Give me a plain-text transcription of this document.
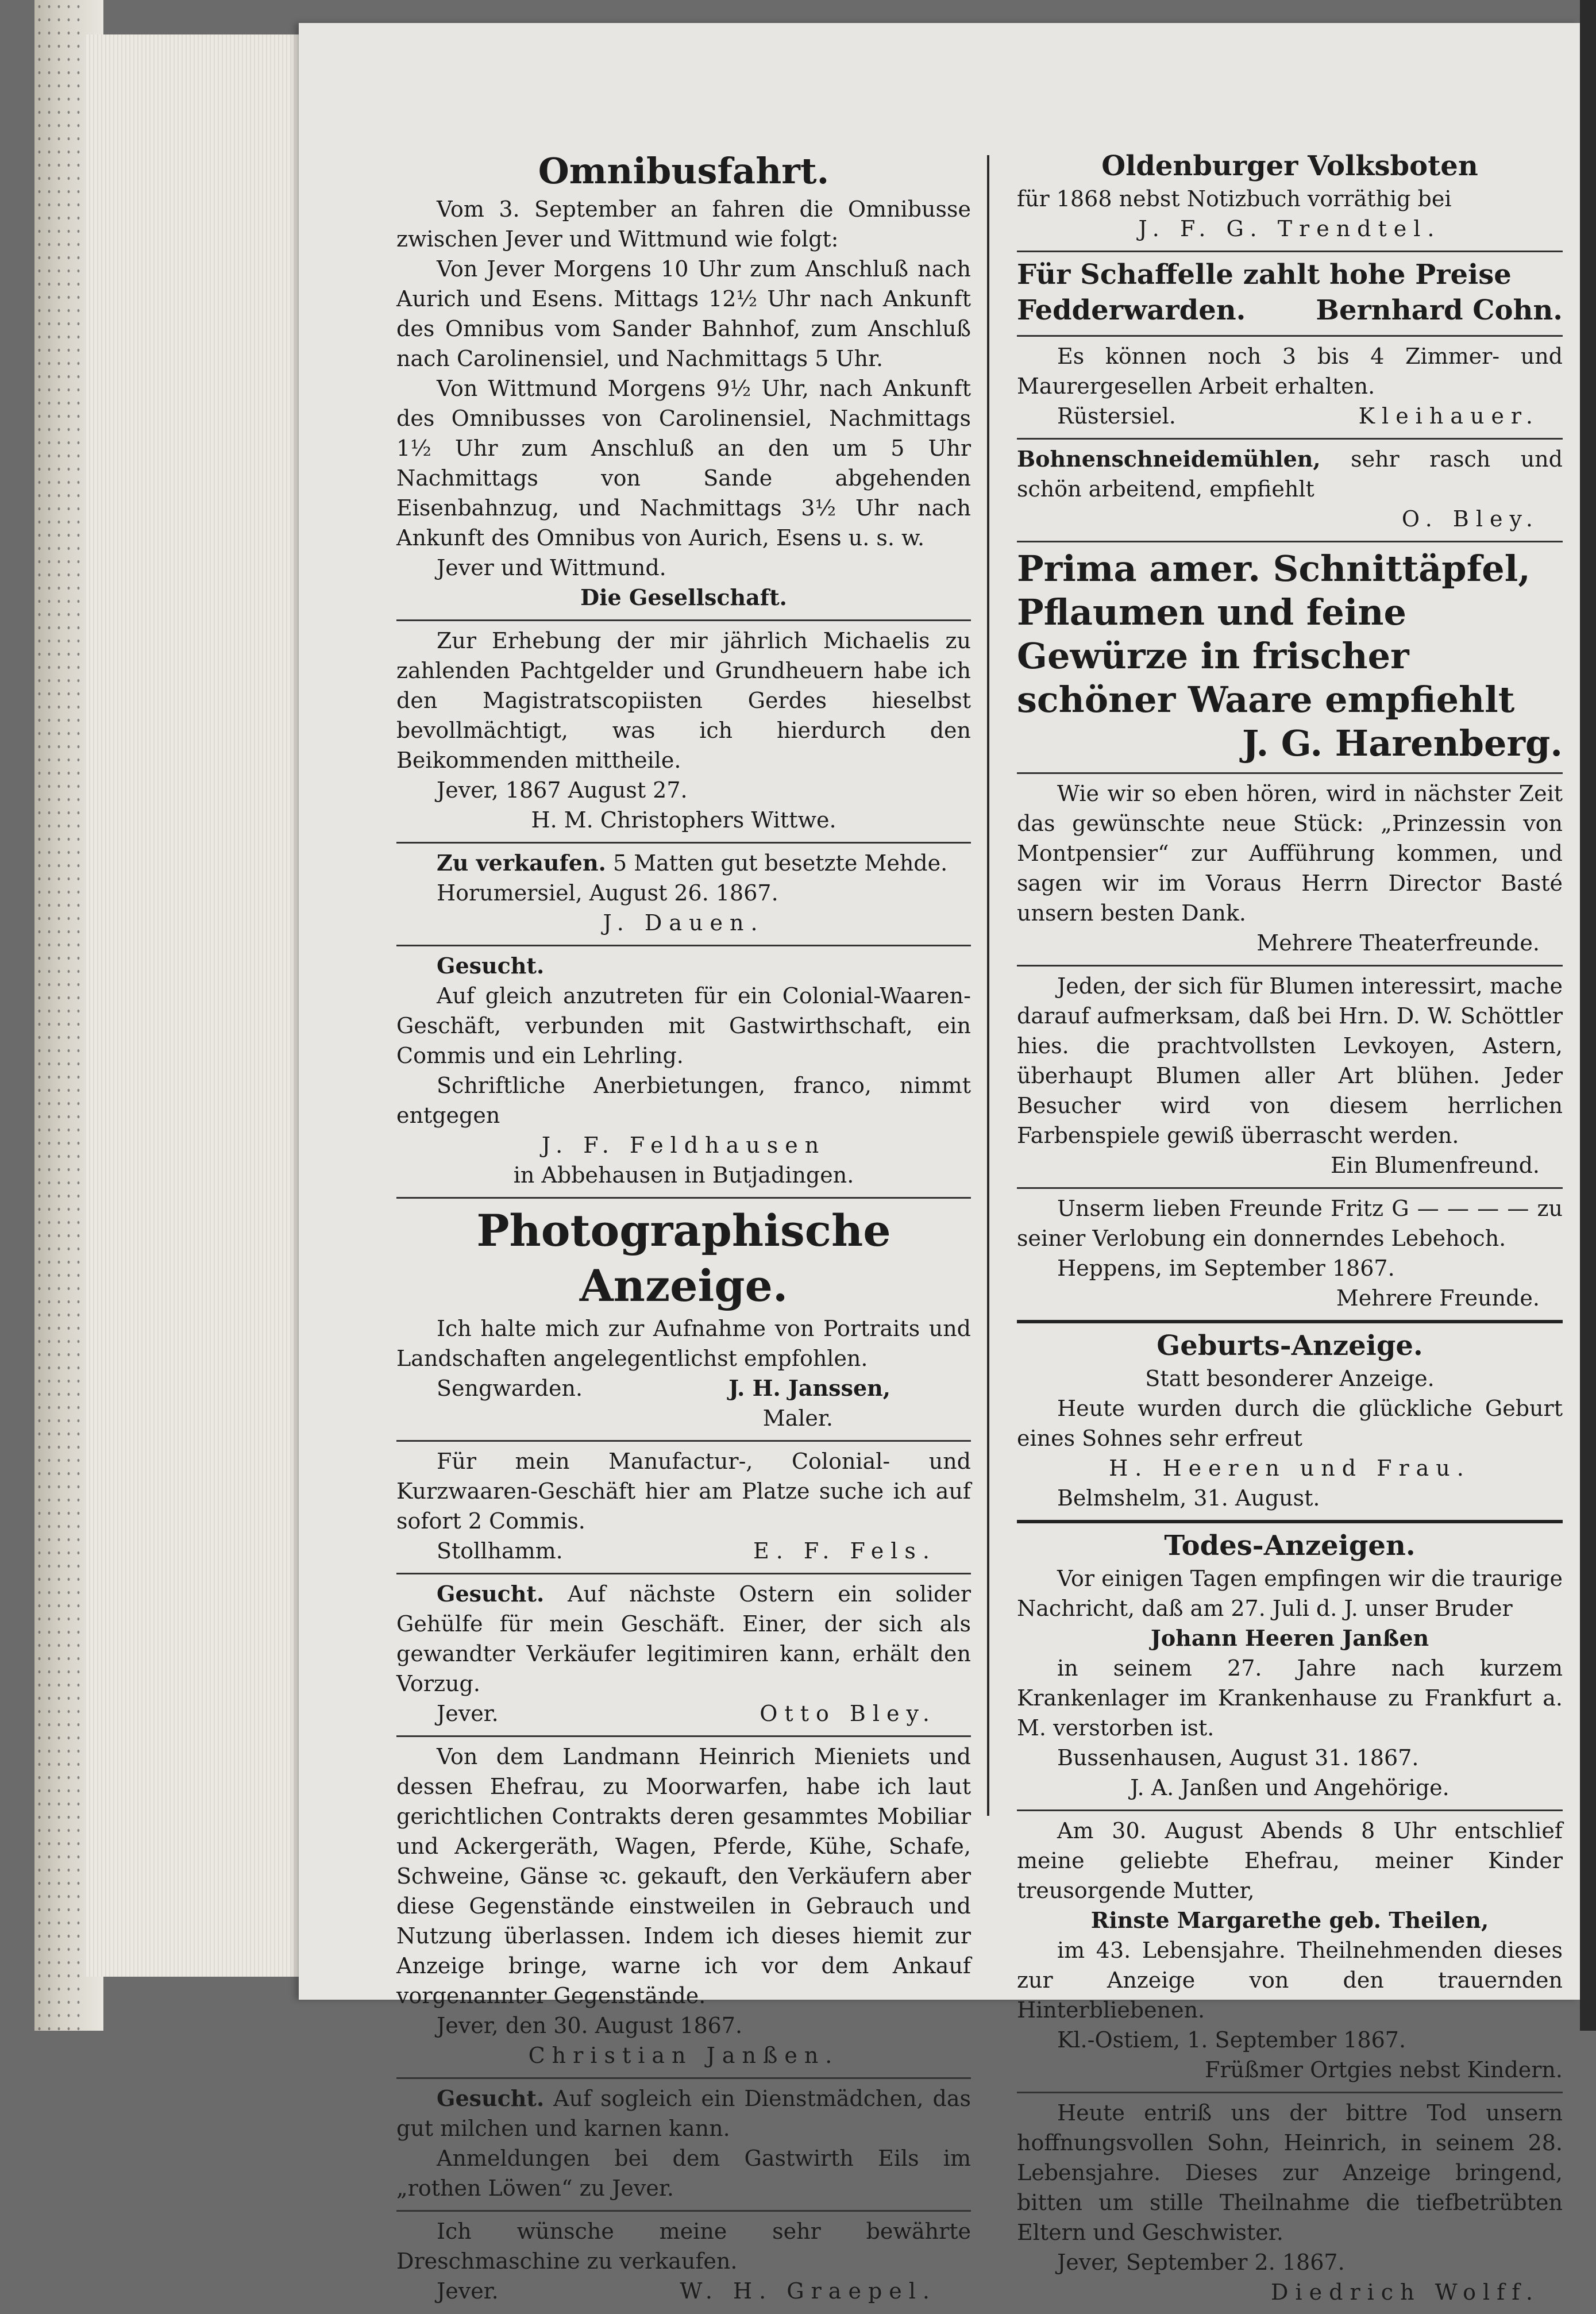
Omnibusfahrt.

Vom 3. September an fahren die Omnibusse zwischen Jever und Wittmund wie folgt:

Von Jever Morgens 10 Uhr zum Anschluß nach Aurich und Esens. Mittags 12½ Uhr nach Ankunft des Omnibus vom Sander Bahnhof, zum Anschluß nach Carolinensiel, und Nachmittags 5 Uhr.

Von Wittmund Morgens 9½ Uhr, nach Ankunft des Omnibusses von Carolinensiel, Nachmittags 1½ Uhr zum Anschluß an den um 5 Uhr Nachmittags von Sande abgehenden Eisenbahnzug, und Nachmittags 3½ Uhr nach Ankunft des Omnibus von Aurich, Esens u. s. w.

Jever und Wittmund.

Die Gesellschaft.

Zur Erhebung der mir jährlich Michaelis zu zahlenden Pachtgelder und Grundheuern habe ich den Magistratscopiisten Gerdes hieselbst bevollmächtigt, was ich hierdurch den Beikommenden mittheile.

Jever, 1867 August 27.

H. M. Christophers Wittwe.

Zu verkaufen. 5 Matten gut besetzte Mehde.

Horumersiel, August 26. 1867.

J. Dauen.

Gesucht.

Auf gleich anzutreten für ein Colonial-Waaren-Geschäft, verbunden mit Gastwirthschaft, ein Commis und ein Lehrling.

Schriftliche Anerbietungen, franco, nimmt entgegen

J. F. Feldhausen

in Abbehausen in Butjadingen.

Photographische Anzeige.

Ich halte mich zur Aufnahme von Portraits und Landschaften angelegentlichst empfohlen.

Sengwarden.	J. H. Janssen,

Maler.

Für mein Manufactur-, Colonial- und Kurzwaaren-Geschäft hier am Platze suche ich auf sofort 2 Commis.

Stollhamm.	E. F. Fels.

Gesucht. Auf nächste Ostern ein solider Gehülfe für mein Geschäft. Einer, der sich als gewandter Verkäufer legitimiren kann, erhält den Vorzug.

Jever.	Otto Bley.

Von dem Landmann Heinrich Mieniets und dessen Ehefrau, zu Moorwarfen, habe ich laut gerichtlichen Contrakts deren gesammtes Mobiliar und Ackergeräth, Wagen, Pferde, Kühe, Schafe, Schweine, Gänse ꝛc. gekauft, den Verkäufern aber diese Gegenstände einstweilen in Gebrauch und Nutzung überlassen. Indem ich dieses hiemit zur Anzeige bringe, warne ich vor dem Ankauf vorgenannter Gegenstände.

Jever, den 30. August 1867.

Christian Janßen.

Gesucht. Auf sogleich ein Dienstmädchen, das gut milchen und karnen kann.

Anmeldungen bei dem Gastwirth Eils im „rothen Löwen“ zu Jever.

Ich wünsche meine sehr bewährte Dreschmaschine zu verkaufen.

Jever.	W. H. Graepel.

Oldenburger Volksboten

für 1868 nebst Notizbuch vorräthig bei

J. F. G. Trendtel.

Für Schaffelle zahlt hohe Preise

Fedderwarden.	Bernhard Cohn.

Es können noch 3 bis 4 Zimmer- und Maurergesellen Arbeit erhalten.

Rüstersiel.	Kleihauer.

Bohnenschneidemühlen, sehr rasch und schön arbeitend, empfiehlt

O. Bley.

Prima amer. Schnittäpfel, Pflaumen und feine Gewürze in frischer schöner Waare empfiehlt

J. G. Harenberg.

Wie wir so eben hören, wird in nächster Zeit das gewünschte neue Stück: „Prinzessin von Montpensier“ zur Aufführung kommen, und sagen wir im Voraus Herrn Director Basté unsern besten Dank.

Mehrere Theaterfreunde.

Jeden, der sich für Blumen interessirt, mache darauf aufmerksam, daß bei Hrn. D. W. Schöttler hies. die prachtvollsten Levkoyen, Astern, überhaupt Blumen aller Art blühen. Jeder Besucher wird von diesem herrlichen Farbenspiele gewiß überrascht werden.

Ein Blumenfreund.

Unserm lieben Freunde Fritz G — — — — zu seiner Verlobung ein donnerndes Lebehoch.

Heppens, im September 1867.

Mehrere Freunde.

Geburts-Anzeige.

Statt besonderer Anzeige.

Heute wurden durch die glückliche Geburt eines Sohnes sehr erfreut

H. Heeren und Frau.

Belmshelm, 31. August.

Todes-Anzeigen.

Vor einigen Tagen empfingen wir die traurige Nachricht, daß am 27. Juli d. J. unser Bruder

Johann Heeren Janßen

in seinem 27. Jahre nach kurzem Krankenlager im Krankenhause zu Frankfurt a. M. verstorben ist.

Bussenhausen, August 31. 1867.

J. A. Janßen und Angehörige.

Am 30. August Abends 8 Uhr entschlief meine geliebte Ehefrau, meiner Kinder treusorgende Mutter,

Rinste Margarethe geb. Theilen,

im 43. Lebensjahre. Theilnehmenden dieses zur Anzeige von den trauernden Hinterbliebenen.

Kl.-Ostiem, 1. September 1867.

Früßmer Ortgies nebst Kindern.

Heute entriß uns der bittre Tod unsern hoffnungsvollen Sohn, Heinrich, in seinem 28. Lebensjahre. Dieses zur Anzeige bringend, bitten um stille Theilnahme die tiefbetrübten Eltern und Geschwister.

Jever, September 2. 1867.

Diedrich Wolff.
